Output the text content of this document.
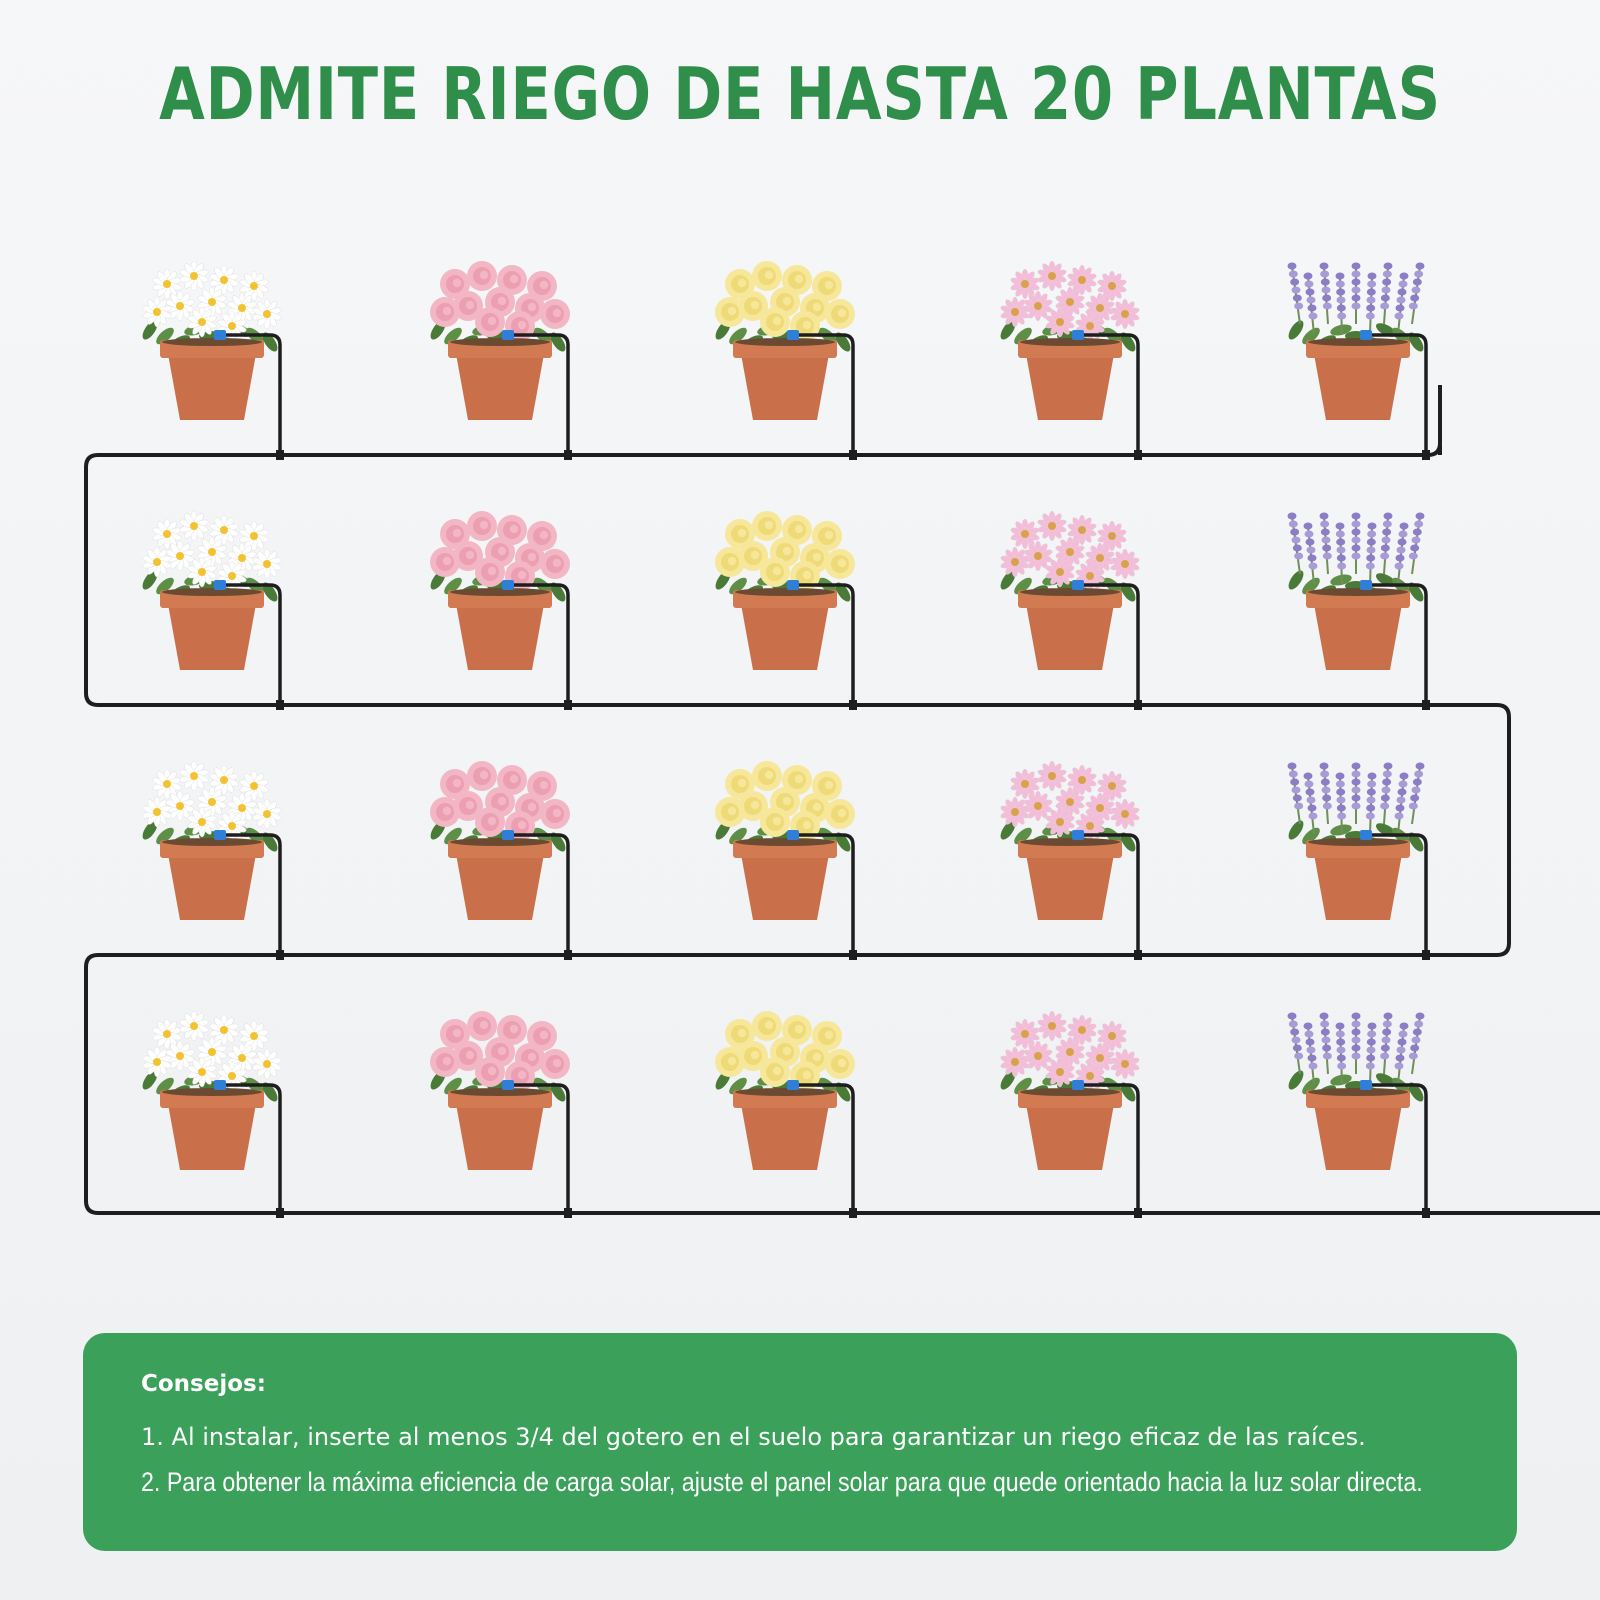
ADMITE RIEGO DE HASTA 20 PLANTAS
Consejos:
1. Al instalar, inserte al menos 3/4 del gotero en el suelo para garantizar un riego eficaz de las raíces.
2. Para obtener la máxima eficiencia de carga solar, ajuste el panel solar para que quede orientado hacia la luz solar directa.
